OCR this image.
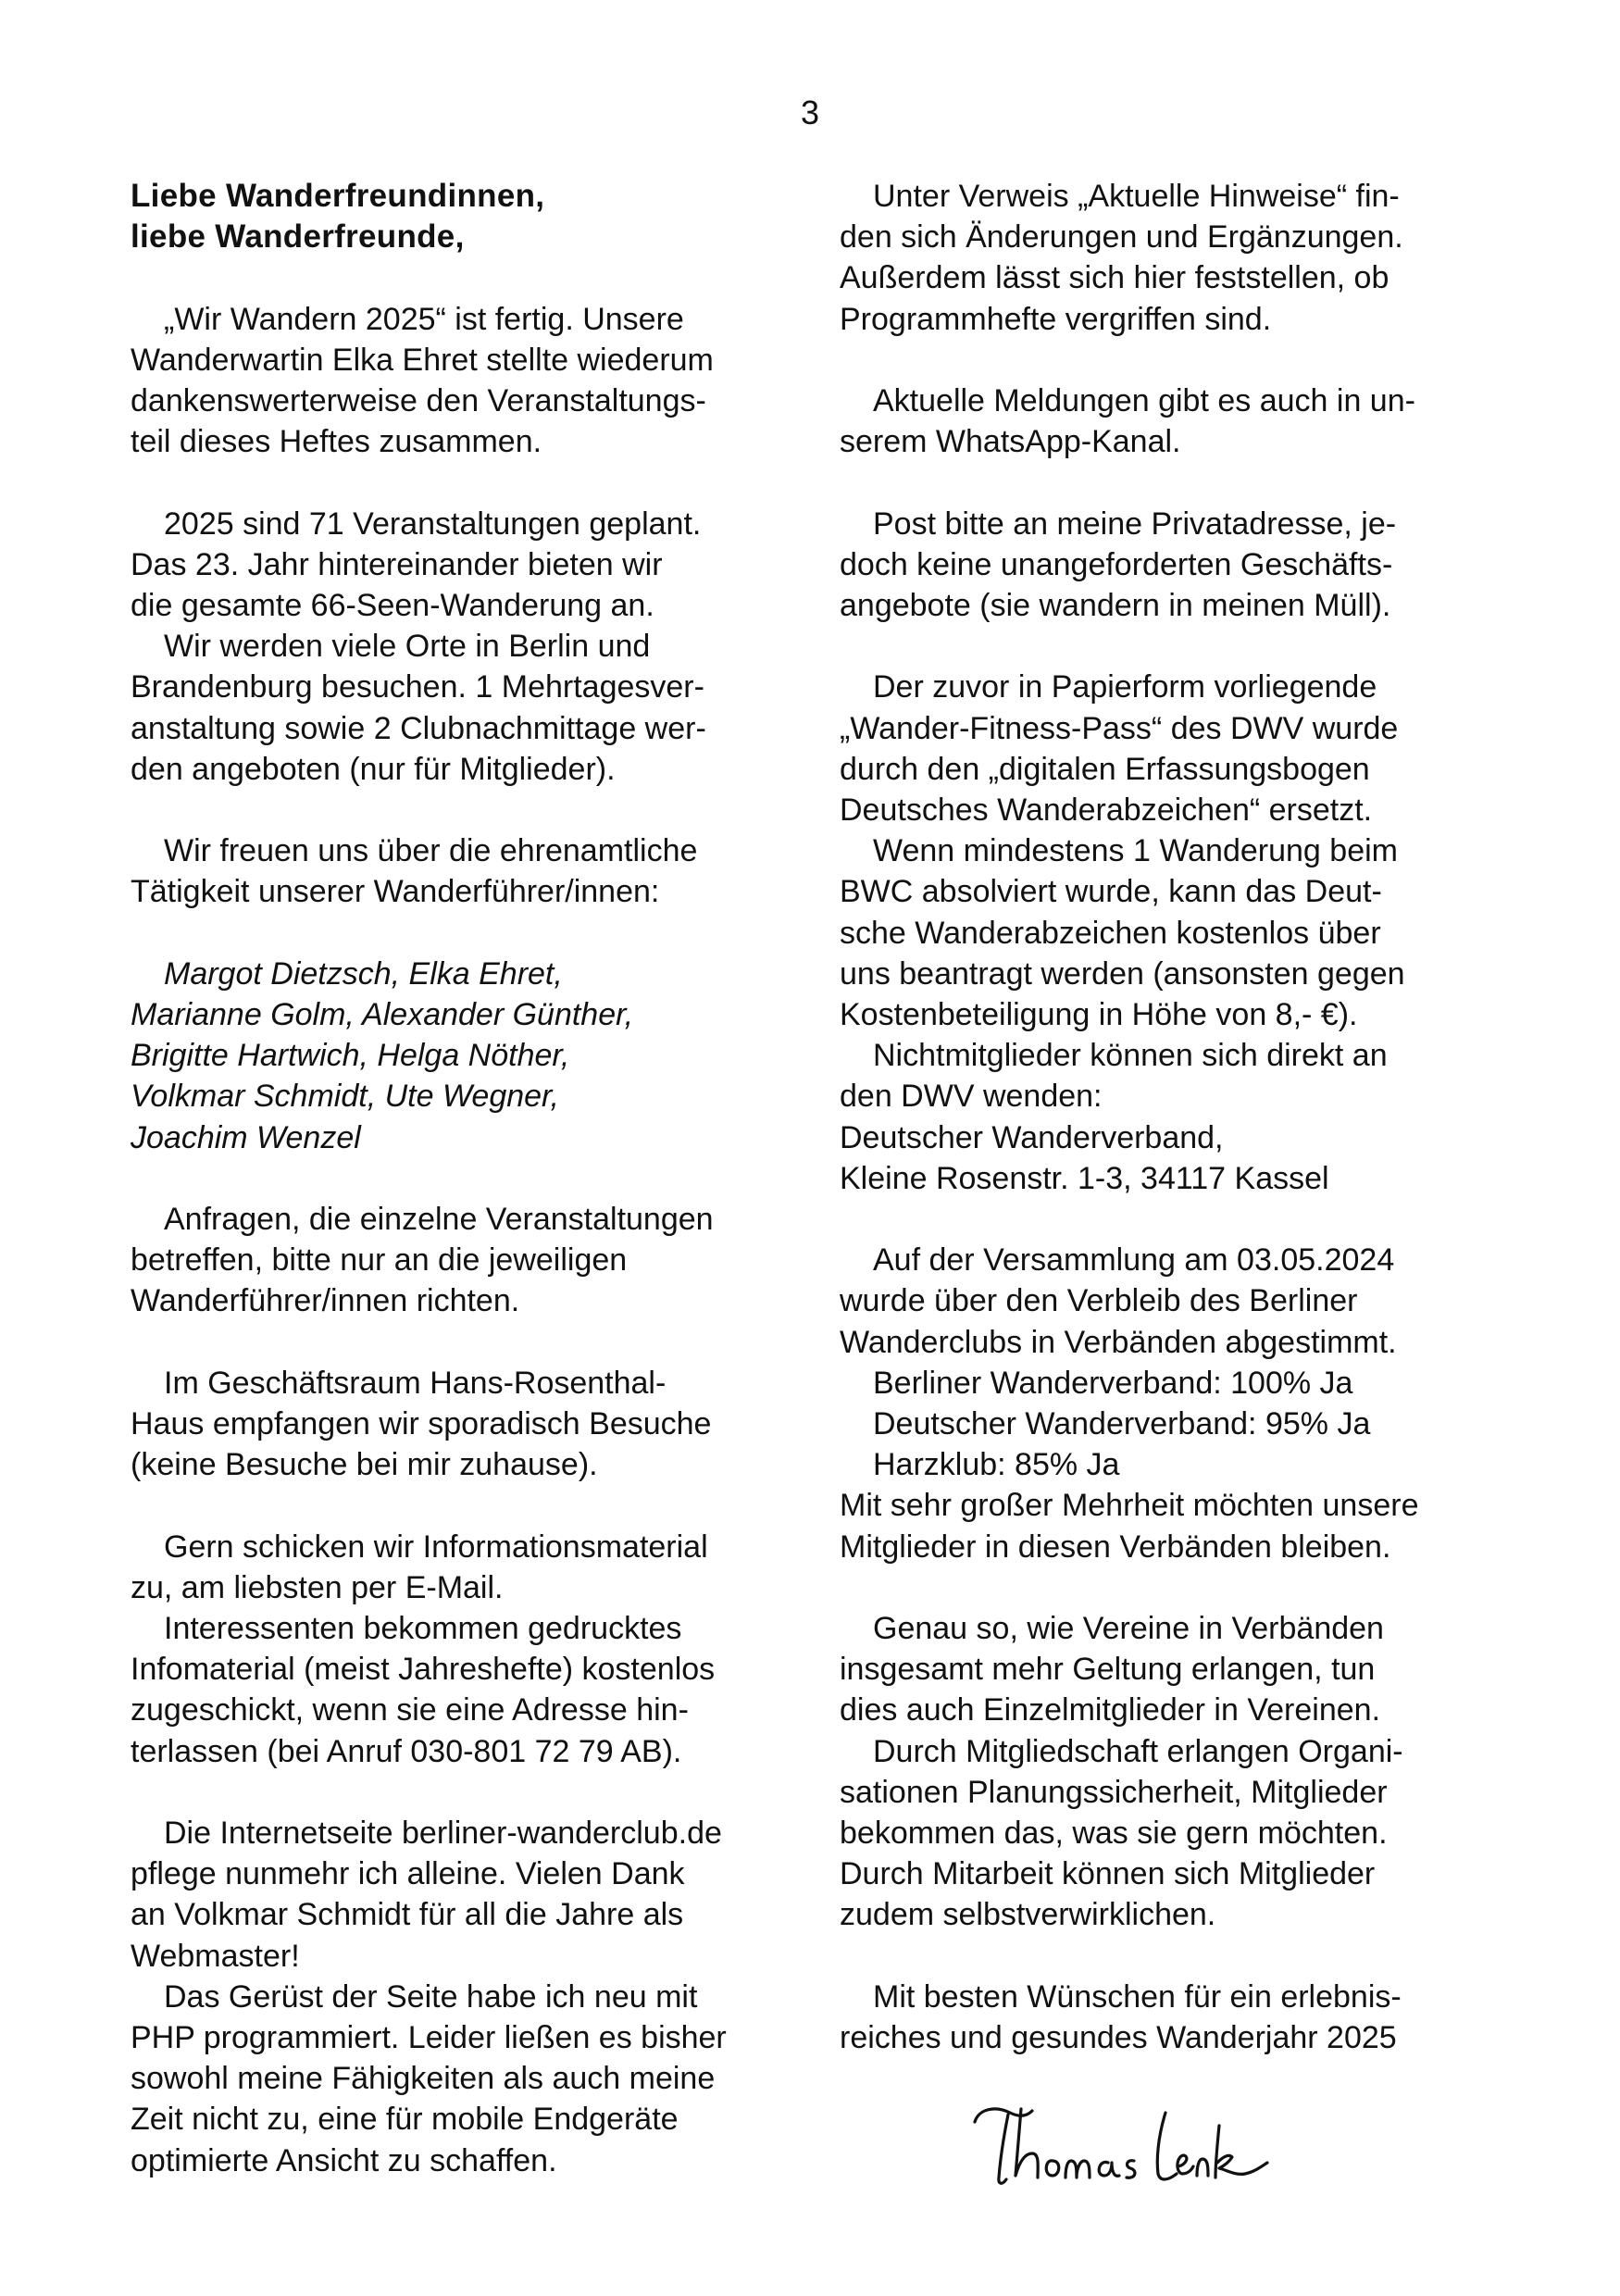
3

Liebe Wanderfreundinnen,
liebe Wanderfreunde,

„Wir Wandern 2025“ ist fertig. Unsere
Wanderwartin Elka Ehret stellte wiederum
dankenswerterweise den Veranstaltungs-
teil dieses Heftes zusammen.

2025 sind 71 Veranstaltungen geplant.
Das 23. Jahr hintereinander bieten wir
die gesamte 66-Seen-Wanderung an.

Wir werden viele Orte in Berlin und
Brandenburg besuchen. 1 Mehrtagesver-
anstaltung sowie 2 Clubnachmittage wer-
den angeboten (nur für Mitglieder).

Wir freuen uns über die ehrenamtliche
Tätigkeit unserer Wanderführer/innen:

Margot Dietzsch, Elka Ehret,
Marianne Golm, Alexander Günther,
Brigitte Hartwich, Helga Nöther,
Volkmar Schmidt, Ute Wegner,
Joachim Wenzel

Anfragen, die einzelne Veranstaltungen
betreffen, bitte nur an die jeweiligen
Wanderführer/innen richten.

Im Geschäftsraum Hans-Rosenthal-
Haus empfangen wir sporadisch Besuche
(keine Besuche bei mir zuhause).

Gern schicken wir Informationsmaterial
zu, am liebsten per E-Mail.

Interessenten bekommen gedrucktes
Infomaterial (meist Jahreshefte) kostenlos
zugeschickt, wenn sie eine Adresse hin-
terlassen (bei Anruf 030-801 72 79 AB).

Die Internetseite berliner-wanderclub.de
pflege nunmehr ich alleine. Vielen Dank
an Volkmar Schmidt für all die Jahre als
Webmaster!

Das Gerüst der Seite habe ich neu mit
PHP programmiert. Leider ließen es bisher
sowohl meine Fähigkeiten als auch meine
Zeit nicht zu, eine für mobile Endgeräte
optimierte Ansicht zu schaffen.

Unter Verweis „Aktuelle Hinweise“ fin-
den sich Änderungen und Ergänzungen.
Außerdem lässt sich hier feststellen, ob
Programmhefte vergriffen sind.

Aktuelle Meldungen gibt es auch in un-
serem WhatsApp-Kanal.

Post bitte an meine Privatadresse, je-
doch keine unangeforderten Geschäfts-
angebote (sie wandern in meinen Müll).

Der zuvor in Papierform vorliegende
„Wander-Fitness-Pass“ des DWV wurde
durch den „digitalen Erfassungsbogen
Deutsches Wanderabzeichen“ ersetzt.

Wenn mindestens 1 Wanderung beim
BWC absolviert wurde, kann das Deut-
sche Wanderabzeichen kostenlos über
uns beantragt werden (ansonsten gegen
Kostenbeteiligung in Höhe von 8,- €).

Nichtmitglieder können sich direkt an
den DWV wenden:
Deutscher Wanderverband,
Kleine Rosenstr. 1-3, 34117 Kassel

Auf der Versammlung am 03.05.2024
wurde über den Verbleib des Berliner
Wanderclubs in Verbänden abgestimmt.

Berliner Wanderverband: 100% Ja
Deutscher Wanderverband: 95% Ja
Harzklub: 85% Ja

Mit sehr großer Mehrheit möchten unsere
Mitglieder in diesen Verbänden bleiben.

Genau so, wie Vereine in Verbänden
insgesamt mehr Geltung erlangen, tun
dies auch Einzelmitglieder in Vereinen.

Durch Mitgliedschaft erlangen Organi-
sationen Planungssicherheit, Mitglieder
bekommen das, was sie gern möchten.
Durch Mitarbeit können sich Mitglieder
zudem selbstverwirklichen.

Mit besten Wünschen für ein erlebnis-
reiches und gesundes Wanderjahr 2025
